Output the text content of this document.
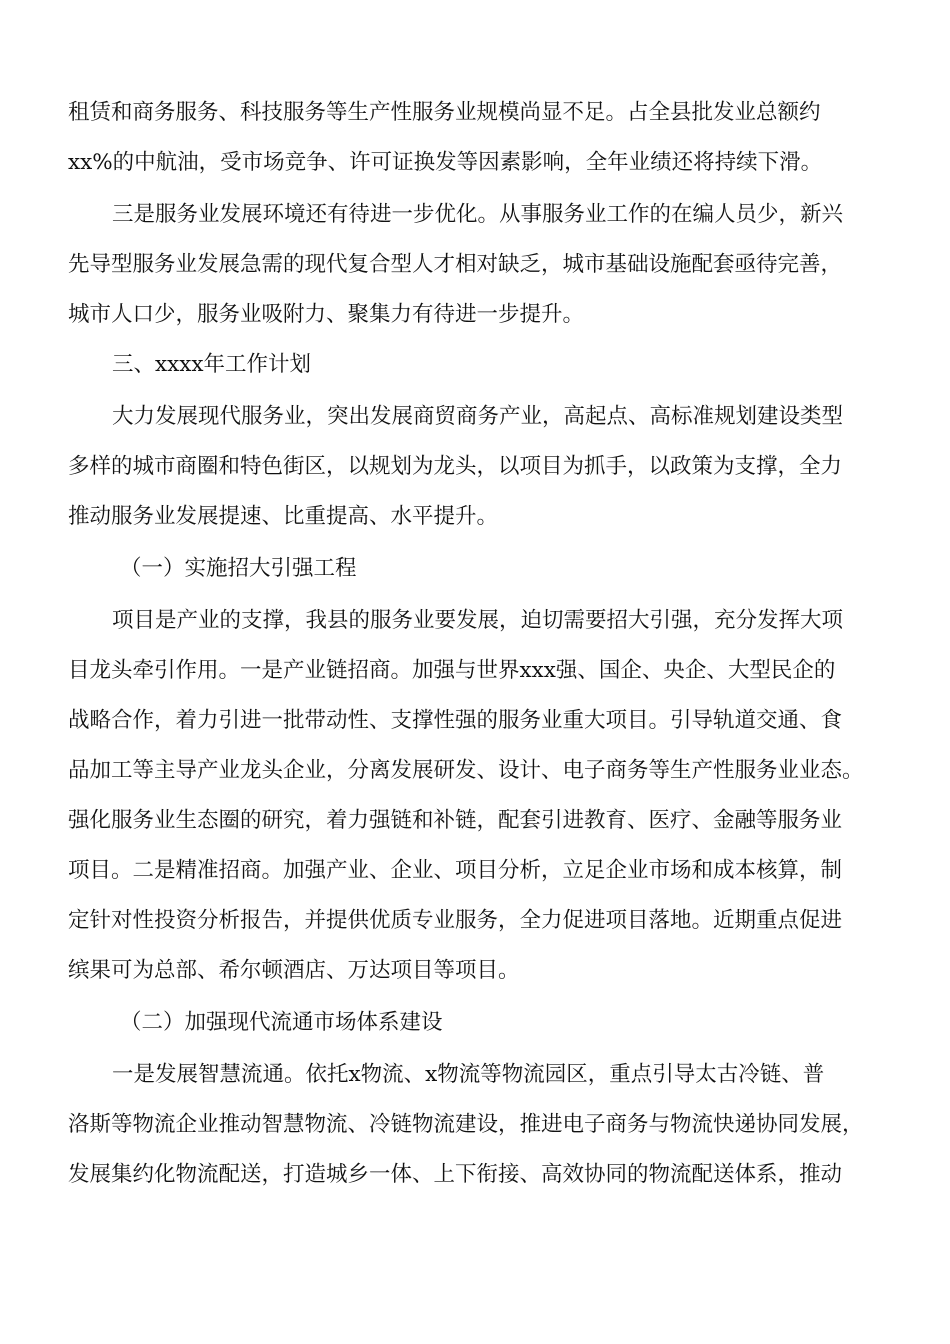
租赁和商务服务、科技服务等生产性服务业规模尚显不足。占全县批发业总额约
xx%的中航油，受市场竞争、许可证换发等因素影响，全年业绩还将持续下滑。
三是服务业发展环境还有待进一步优化。从事服务业工作的在编人员少，新兴
先导型服务业发展急需的现代复合型人才相对缺乏，城市基础设施配套亟待完善，
城市人口少，服务业吸附力、聚集力有待进一步提升。
三、xxxx年工作计划
大力发展现代服务业，突出发展商贸商务产业，高起点、高标准规划建设类型
多样的城市商圈和特色街区，以规划为龙头，以项目为抓手，以政策为支撑，全力
推动服务业发展提速、比重提高、水平提升。
（一）实施招大引强工程
项目是产业的支撑，我县的服务业要发展，迫切需要招大引强，充分发挥大项
目龙头牵引作用。一是产业链招商。加强与世界xxx强、国企、央企、大型民企的
战略合作，着力引进一批带动性、支撑性强的服务业重大项目。引导轨道交通、食
品加工等主导产业龙头企业，分离发展研发、设计、电子商务等生产性服务业业态。
强化服务业生态圈的研究，着力强链和补链，配套引进教育、医疗、金融等服务业
项目。二是精准招商。加强产业、企业、项目分析，立足企业市场和成本核算，制
定针对性投资分析报告，并提供优质专业服务，全力促进项目落地。近期重点促进
缤果可为总部、希尔顿酒店、万达项目等项目。
（二）加强现代流通市场体系建设
一是发展智慧流通。依托x物流、x物流等物流园区，重点引导太古冷链、普
洛斯等物流企业推动智慧物流、冷链物流建设，推进电子商务与物流快递协同发展，
发展集约化物流配送，打造城乡一体、上下衔接、高效协同的物流配送体系，推动
